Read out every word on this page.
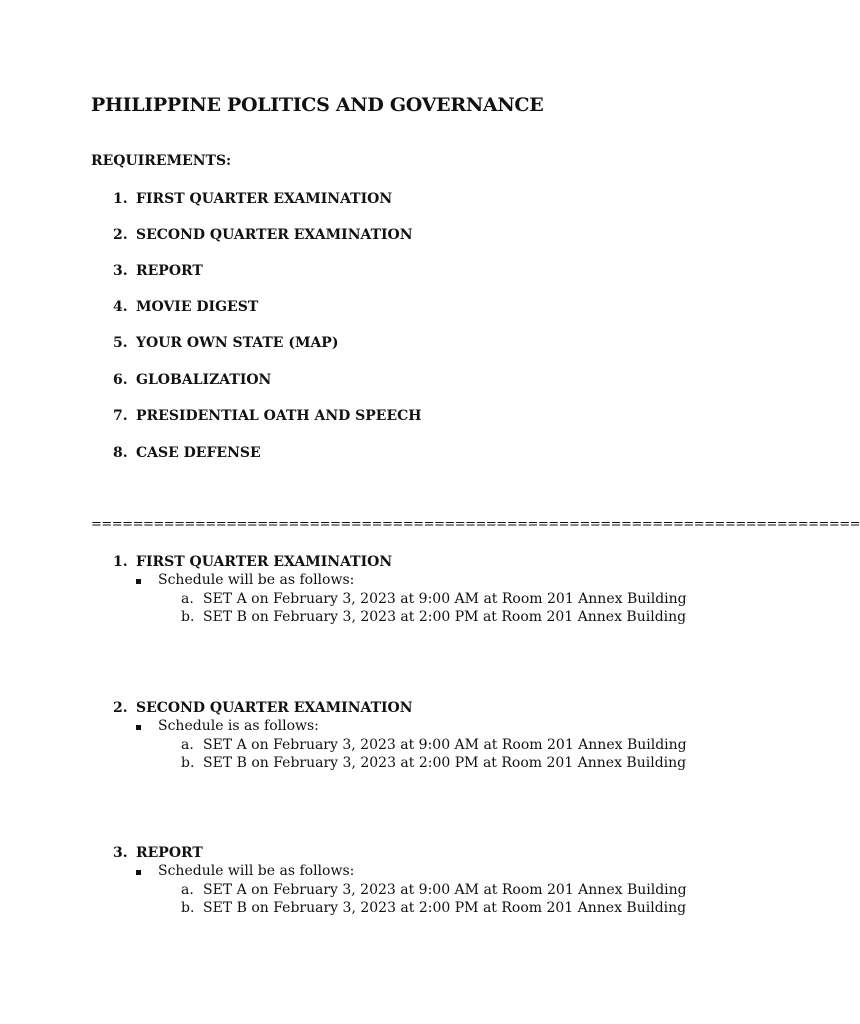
PHILIPPINE POLITICS AND GOVERNANCE
REQUIREMENTS:
1. FIRST QUARTER EXAMINATION
2. SECOND QUARTER EXAMINATION
3. REPORT
4. MOVIE DIGEST
5. YOUR OWN STATE (MAP)
6. GLOBALIZATION
7. PRESIDENTIAL OATH AND SPEECH
8. CASE DEFENSE
==========================================================================
1. FIRST QUARTER EXAMINATION
Schedule will be as follows:
a. SET A on February 3, 2023 at 9:00 AM at Room 201 Annex Building
b. SET B on February 3, 2023 at 2:00 PM at Room 201 Annex Building
2. SECOND QUARTER EXAMINATION
Schedule is as follows:
a. SET A on February 3, 2023 at 9:00 AM at Room 201 Annex Building
b. SET B on February 3, 2023 at 2:00 PM at Room 201 Annex Building
3. REPORT
Schedule will be as follows:
a. SET A on February 3, 2023 at 9:00 AM at Room 201 Annex Building
b. SET B on February 3, 2023 at 2:00 PM at Room 201 Annex Building
